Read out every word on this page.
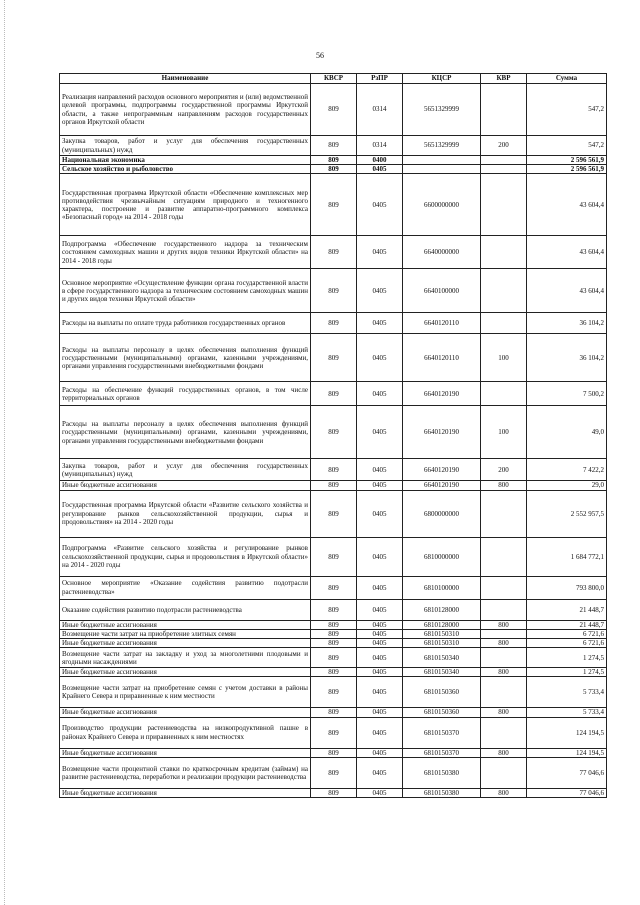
56
Наименование	КВСР	РзПР	КЦСР	КВР	Сумма
Реализация направлений расходов основного мероприятия и (или) ведомственной целевой программы, подпрограммы государственной программы Иркутской области, а также непрограммным направлениям расходов государственных органов Иркутской области	809	0314	5651329999		547,2
Закупка товаров, работ и услуг для обеспечения государственных (муниципальных) нужд	809	0314	5651329999	200	547,2
Национальная экономика	809	0400			2 596 561,9
Сельское хозяйство и рыболовство	809	0405			2 596 561,9
Государственная программа Иркутской области «Обеспечение комплексных мер противодействия чрезвычайным ситуациям природного и техногенного характера, построение и развитие аппаратно-программного комплекса «Безопасный город» на 2014 - 2018 годы	809	0405	6600000000		43 604,4
Подпрограмма «Обеспечение государственного надзора за техническим состоянием самоходных машин и других видов техники Иркутской области» на 2014 - 2018 годы	809	0405	6640000000		43 604,4
Основное мероприятие «Осуществление функции органа государственной власти в сфере государственного надзора за техническим состоянием самоходных машин и других видов техники Иркутской области»	809	0405	6640100000		43 604,4
Расходы на выплаты по оплате труда работников государственных органов	809	0405	6640120110		36 104,2
Расходы на выплаты персоналу в целях обеспечения выполнения функций государственными (муниципальными) органами, казенными учреждениями, органами управления государственными внебюджетными фондами	809	0405	6640120110	100	36 104,2
Расходы на обеспечение функций государственных органов, в том числе территориальных органов	809	0405	6640120190		7 500,2
Расходы на выплаты персоналу в целях обеспечения выполнения функций государственными (муниципальными) органами, казенными учреждениями, органами управления государственными внебюджетными фондами	809	0405	6640120190	100	49,0
Закупка товаров, работ и услуг для обеспечения государственных (муниципальных) нужд	809	0405	6640120190	200	7 422,2
Иные бюджетные ассигнования	809	0405	6640120190	800	29,0
Государственная программа Иркутской области «Развитие сельского хозяйства и регулирование рынков сельскохозяйственной продукции, сырья и продовольствия» на 2014 - 2020 годы	809	0405	6800000000		2 552 957,5
Подпрограмма «Развитие сельского хозяйства и регулирование рынков сельскохозяйственной продукции, сырья и продовольствия в Иркутской области» на 2014 - 2020 годы	809	0405	6810000000		1 684 772,1
Основное мероприятие «Оказание содействия развитию подотрасли растениеводства»	809	0405	6810100000		793 800,0
Оказание содействия развитию подотрасли растениеводства	809	0405	6810128000		21 448,7
Иные бюджетные ассигнования	809	0405	6810128000	800	21 448,7
Возмещение части затрат на приобретение элитных семян	809	0405	6810150310		6 721,6
Иные бюджетные ассигнования	809	0405	6810150310	800	6 721,6
Возмещение части затрат на закладку и уход за многолетними плодовыми и ягодными насаждениями	809	0405	6810150340		1 274,5
Иные бюджетные ассигнования	809	0405	6810150340	800	1 274,5
Возмещение части затрат на приобретение семян с учетом доставки в районы Крайнего Севера и приравненные к ним местности	809	0405	6810150360		5 733,4
Иные бюджетные ассигнования	809	0405	6810150360	800	5 733,4
Производство продукции растениеводства на низкопродуктивной пашне в районах Крайнего Севера и приравненных к ним местностях	809	0405	6810150370		124 194,5
Иные бюджетные ассигнования	809	0405	6810150370	800	124 194,5
Возмещение части процентной ставки по краткосрочным кредитам (займам) на развитие растениеводства, переработки и реализации продукции растениеводства	809	0405	6810150380		77 046,6
Иные бюджетные ассигнования	809	0405	6810150380	800	77 046,6
